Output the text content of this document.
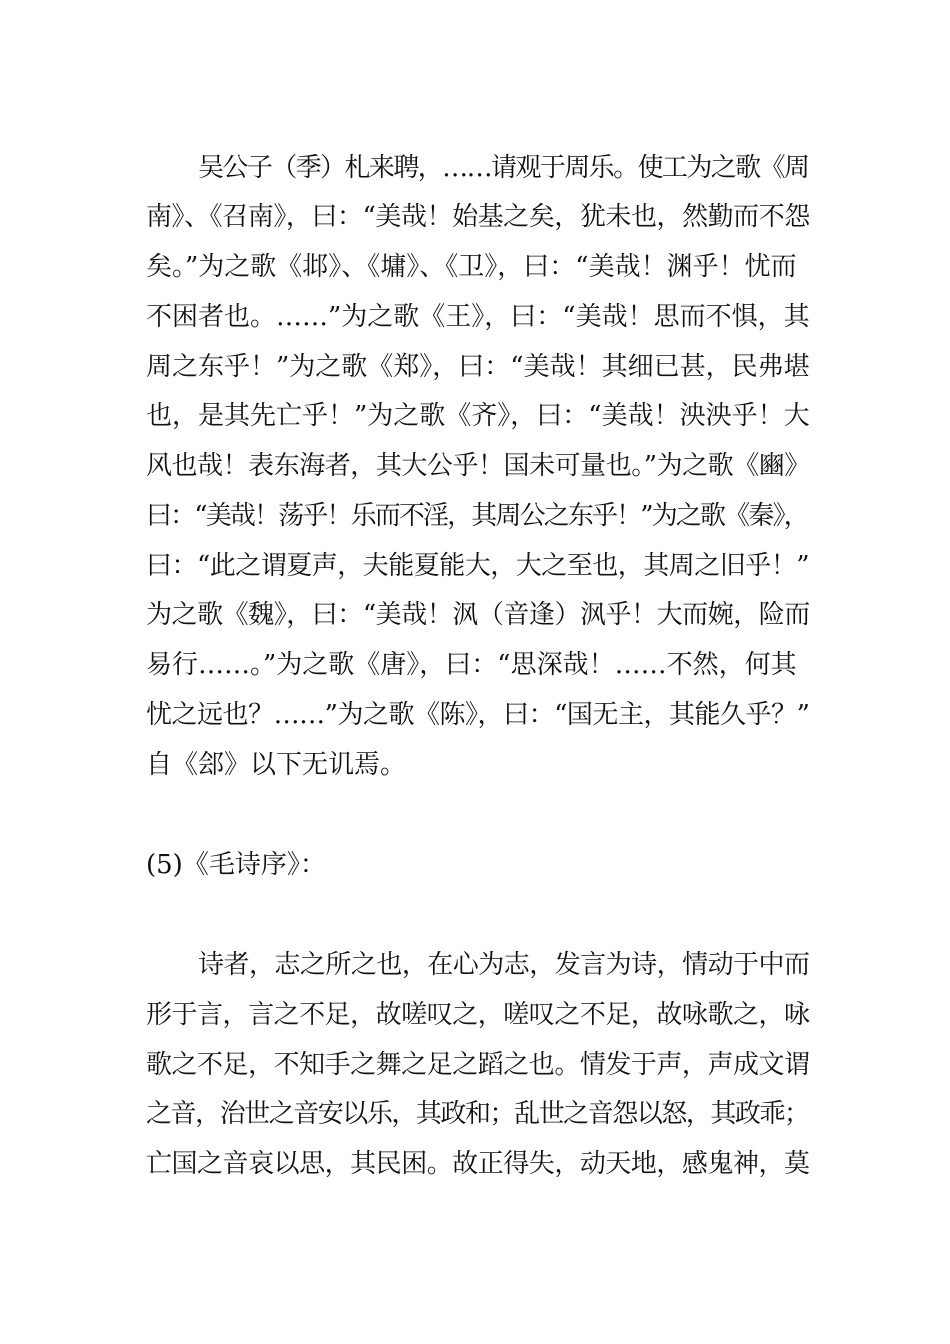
吴公子（季）札来聘，……请观于周乐。使工为之歌《周
南》、《召南》，曰：“美哉！始基之矣，犹未也，然勤而不怨
矣。”为之歌《邶》、《墉》、《卫》，曰：“美哉！渊乎！忧而
不困者也。……”为之歌《王》，曰：“美哉！思而不惧，其
周之东乎！”为之歌《郑》，曰：“美哉！其细已甚，民弗堪
也，是其先亡乎！”为之歌《齐》，曰：“美哉！泱泱乎！大
风也哉！表东海者，其大公乎！国未可量也。”为之歌《豳》
曰：“美哉！荡乎！乐而不淫，其周公之东乎！”为之歌《秦》，
曰：“此之谓夏声，夫能夏能大，大之至也，其周之旧乎！”
为之歌《魏》，曰：“美哉！沨（音逢）沨乎！大而婉，险而
易行……。”为之歌《唐》，曰：“思深哉！……不然，何其
忧之远也？……”为之歌《陈》，曰：“国无主，其能久乎？”
自《郐》以下无讥焉。
(5)《毛诗序》：
诗者，志之所之也，在心为志，发言为诗，情动于中而
形于言，言之不足，故嗟叹之，嗟叹之不足，故咏歌之，咏
歌之不足，不知手之舞之足之蹈之也。情发于声，声成文谓
之音，治世之音安以乐，其政和；乱世之音怨以怒，其政乖；
亡国之音哀以思，其民困。故正得失，动天地，感鬼神，莫
